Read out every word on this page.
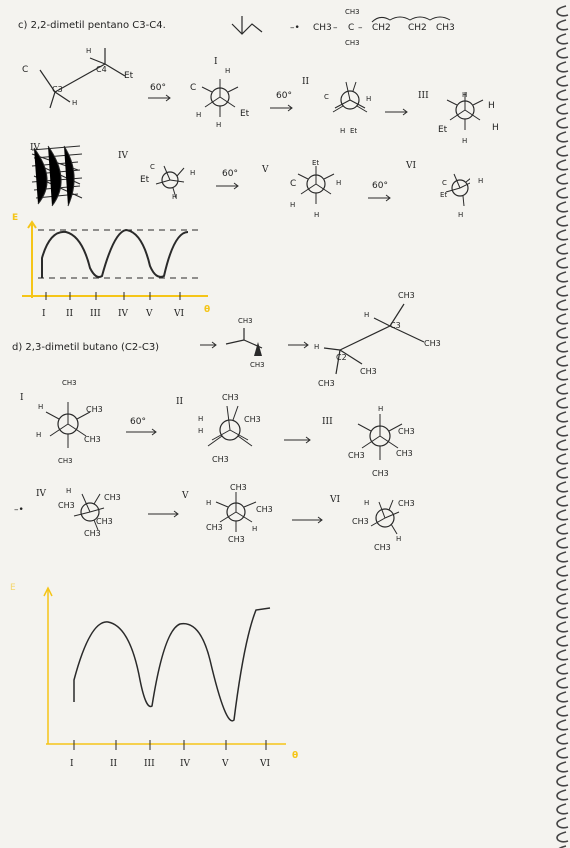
c) 2,2-dimetil pentano C3-C4.	–• CH3 – C
CH3
CH3
– CH2 CH2 CH3
C
C3
C4
Et
H
H
60°
I
C
H
H
H
Et
60°
II
C	H
H Et
III	H
H
Et	H
H
IV
IV
Et
C
H
H
60°	V
Et
C	H
H
H
60°
VI
C
Et
H
H
E
I II III IV V VI θ
d) 2,3-dimetil butano (C2-C3)
CH3
CH3
CH3
H
C3
CH3
H
C2
CH3
CH3
I
CH3
H	CH3
H	CH3
CH3
60°
II	CH3
H	CH3
H
CH3
III
H
CH3
CH3	CH3
CH3
IV
–•
H
CH3
CH3
CH3
CH3
V
CH3
H
CH3
CH3
CH3
H
VI	H	CH3
CH3
CH3
H
E
I	II	III	IV	V	VI
θ
